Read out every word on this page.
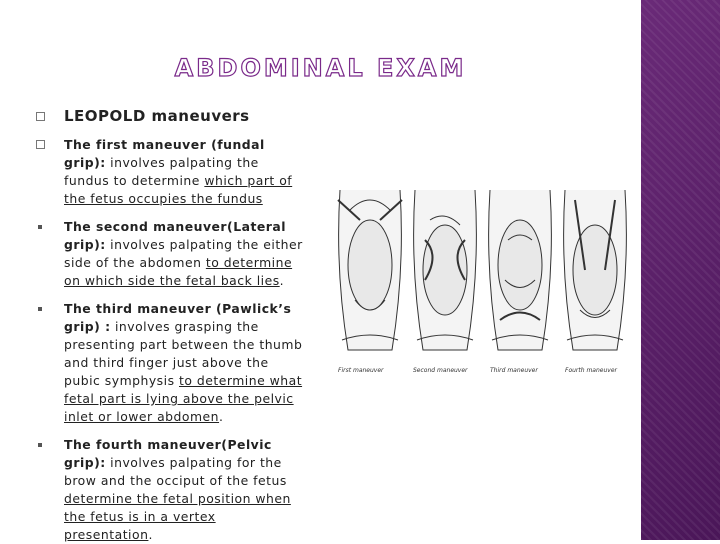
ABDOMINAL EXAM
LEOPOLD maneuvers
The first maneuver (fundal grip): involves palpating the fundus to determine which part of the fetus occupies the fundus
The second maneuver(Lateral grip): involves palpating the either side of the abdomen to determine on which side the fetal back lies.
The third maneuver (Pawlick’s grip) : involves grasping the presenting part between the thumb and third finger just above the pubic symphysis to determine what fetal part is lying above the pelvic inlet or lower abdomen.
The fourth maneuver(Pelvic grip): involves palpating for the brow and the occiput of the fetus determine the fetal position when the fetus is in a vertex presentation.
First maneuver	Second maneuver	Third maneuver	Fourth maneuver
